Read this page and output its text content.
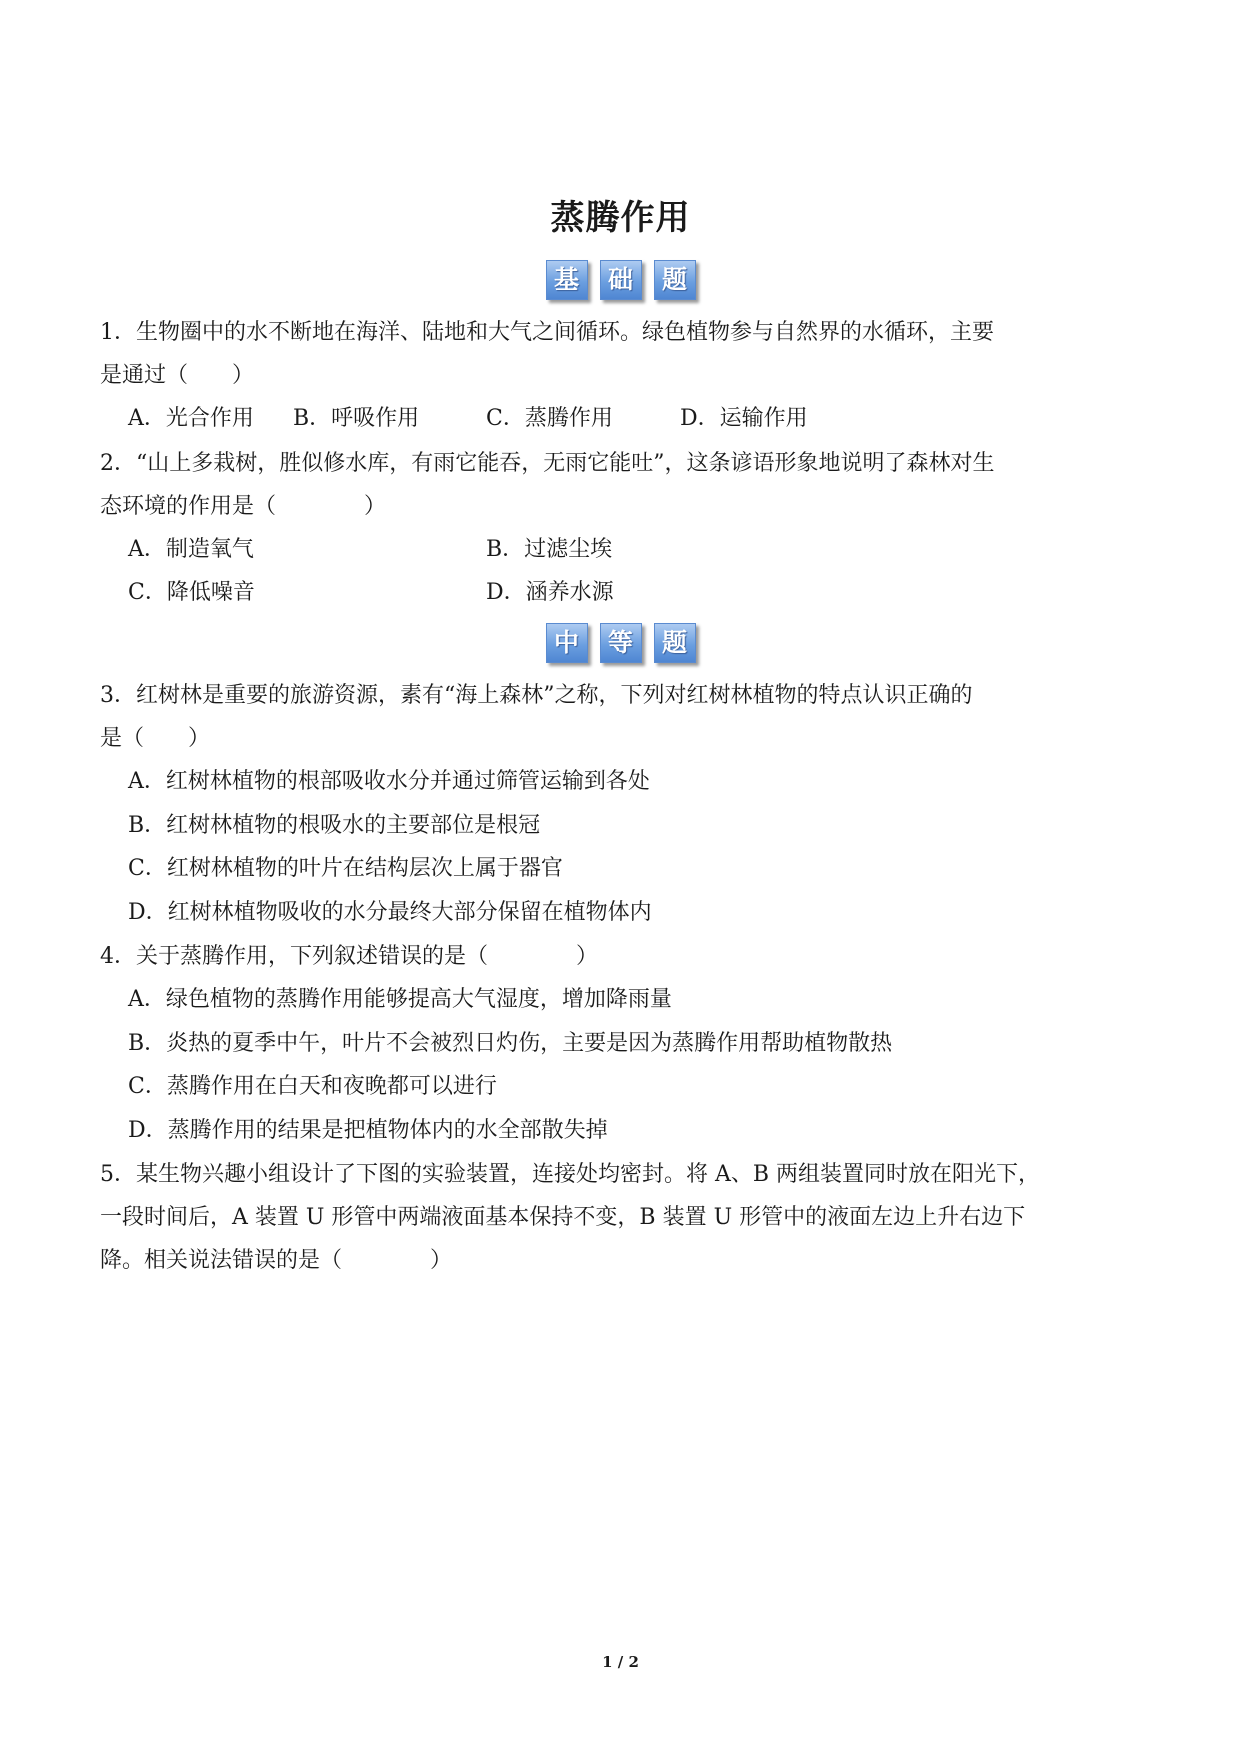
蒸腾作用
基	础	题

1．生物圈中的水不断地在海洋、陆地和大气之间循环。绿色植物参与自然界的水循环，主要

是通过（　　）

A．光合作用 B．呼吸作用	C．蒸腾作用	D．运输作用

2．“山上多栽树，胜似修水库，有雨它能吞，无雨它能吐”，这条谚语形象地说明了森林对生

态环境的作用是（　　　　）

A．制造氧气	B．过滤尘埃

C．降低噪音	D．涵养水源

中	等	题

3．红树林是重要的旅游资源，素有“海上森林”之称，下列对红树林植物的特点认识正确的

是（　　）

A．红树林植物的根部吸收水分并通过筛管运输到各处

B．红树林植物的根吸水的主要部位是根冠

C．红树林植物的叶片在结构层次上属于器官

D．红树林植物吸收的水分最终大部分保留在植物体内

4．关于蒸腾作用，下列叙述错误的是（　　　　）

A．绿色植物的蒸腾作用能够提高大气湿度，增加降雨量

B．炎热的夏季中午，叶片不会被烈日灼伤，主要是因为蒸腾作用帮助植物散热

C．蒸腾作用在白天和夜晚都可以进行

D．蒸腾作用的结果是把植物体内的水全部散失掉

5．某生物兴趣小组设计了下图的实验装置，连接处均密封。将 A、B 两组装置同时放在阳光下，

一段时间后，A 装置 U 形管中两端液面基本保持不变，B 装置 U 形管中的液面左边上升右边下

降。相关说法错误的是（　　　　）

1 / 2
